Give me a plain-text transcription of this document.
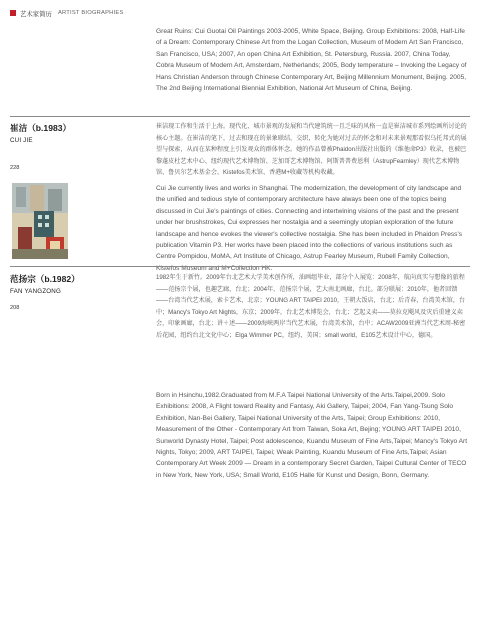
艺术家简历 ARTIST BIOGRAPHIES

Great Ruins: Cui Guotai Oil Paintings 2003-2005, White Space, Beijing. Group Exhibitions: 2008, Half-Life of a Dream: Contemporary Chinese Art from the Logan Collection, Museum of Modern Art San Francisco, San Francisco, USA; 2007, An open China Art Exhibition, St. Petersburg, Russia. 2007, China Today, Cobra Museum of Modern Art, Amsterdam, Netherlands; 2005, Body temperature – Invoking the Legacy of Hans Christian Anderson through Chinese Contemporary Art, Beijing Millennium Monument, Beijing. 2005, The 2nd Beijing International Biennial Exhibition, National Art Museum of China, Beijing.

崔洁（b.1983）
CUI JIE
228

崔洁现工作和生活于上海。现代化、城市景观的发展和当代建筑统一且乏味的风格一直是崔洁城市系列绘画所讨论的核心主题。在崔洁的笔下，过去和现在的景象联结、交织，转化为她对过去的怀念和对未来景观那看似乌托邦式的展望与探索，从而在某种程度上引发观众的群体怀念。她的作品曾被Phaidon出版社出版的《维他命P3》收录，也被巴黎蓬皮杜艺术中心、纽约现代艺术博物馆、芝加哥艺术博物馆、阿斯普普费恩利（AstrupFearnley）现代艺术博物馆、鲁贝尔艺术基金会、Kistefos美术馆、香港M+收藏等机构收藏。

Cui Jie currently lives and works in Shanghai. The modernization, the development of city landscape and the unified and tedious style of contemporary architecture have always been one of the topics being discussed in Cui Jie's paintings of cities. Connecting and intertwining visions of the past and the present under her brushstrokes, Cui expresses her nostalgia and a seemingly utopian exploration of the future landscape and hence evokes the viewer's collective nostalgia. She has been included in Phaidon Press's publication Vitamin P3. Her works have been placed into the collections of various institutions such as Centre Pompidou, MoMA, Art Institute of Chicago, Astrup Fearley Museum, Rubell Family Collection, Kistefos Museum and M+Collection HK.

范扬宗（b.1982）
FAN YANGZONG
208

1982年生于新竹。2009年台北艺术大学美术创作所，油画组毕业，部分个人展览：2008年，航向真实与想像的旅程——范扬宗个展，也趣艺廊，台北；2004年，范扬宗个展，艺大南北画廊，台北。部分联展：2010年，他者回馈——台湾当代艺术展，索卡艺术，北京；YOUNG ART TAIPEI 2010，王朝大饭店，台北；后青春，台湾美术馆，台中；Mancy's Tokyo Art Nights，东京；2009年，台北艺术博览会，台北；艺起义卖——莫拉克飓风及灾后重建义卖会，印象画廊，台北；讲＋述——2009海峡两岸当代艺术展，台湾美术馆，台中；ACAW2009亚洲当代艺术周-秘密后花园，纽约台北文化中心；Elga Wimmer PC，纽约，美国；small world，E105艺术设计中心，德国。

Born in Hsinchu,1982.Graduated from M.F.A Taipei National University of the Arts.Taipei,2009. Solo Exhibitions: 2008, A Flight toward Reality and Fantasy, Aki Gallery, Taipei; 2004, Fan Yang-Tsung Solo Exhibition, Nan-Bei Gallery, Taipei National University of the Arts, Taipei; Group Exhibitions: 2010, Measurement of the Other - Contemporary Art from Taiwan, Soka Art, Bejing; YOUNG ART TAIPEI 2010, Sunworld Dynasty Hotel, Taipei; Post adolescence, Kuandu Museum of Fine Arts,Taipei; Mancy's Tokyo Art Nights, Tokyo; 2009, ART TAIPEI, Taipei; Weak Painting, Kuandu Museum of Fine Arts,Taipei; Asian Contemporary Art Week 2009 — Dream in a contemporary Secret Garden, Taipei Cultural Center of TECO in New York, New York, USA; Small World, E105 Halle für Kunst und Design, Bonn, Germany.
